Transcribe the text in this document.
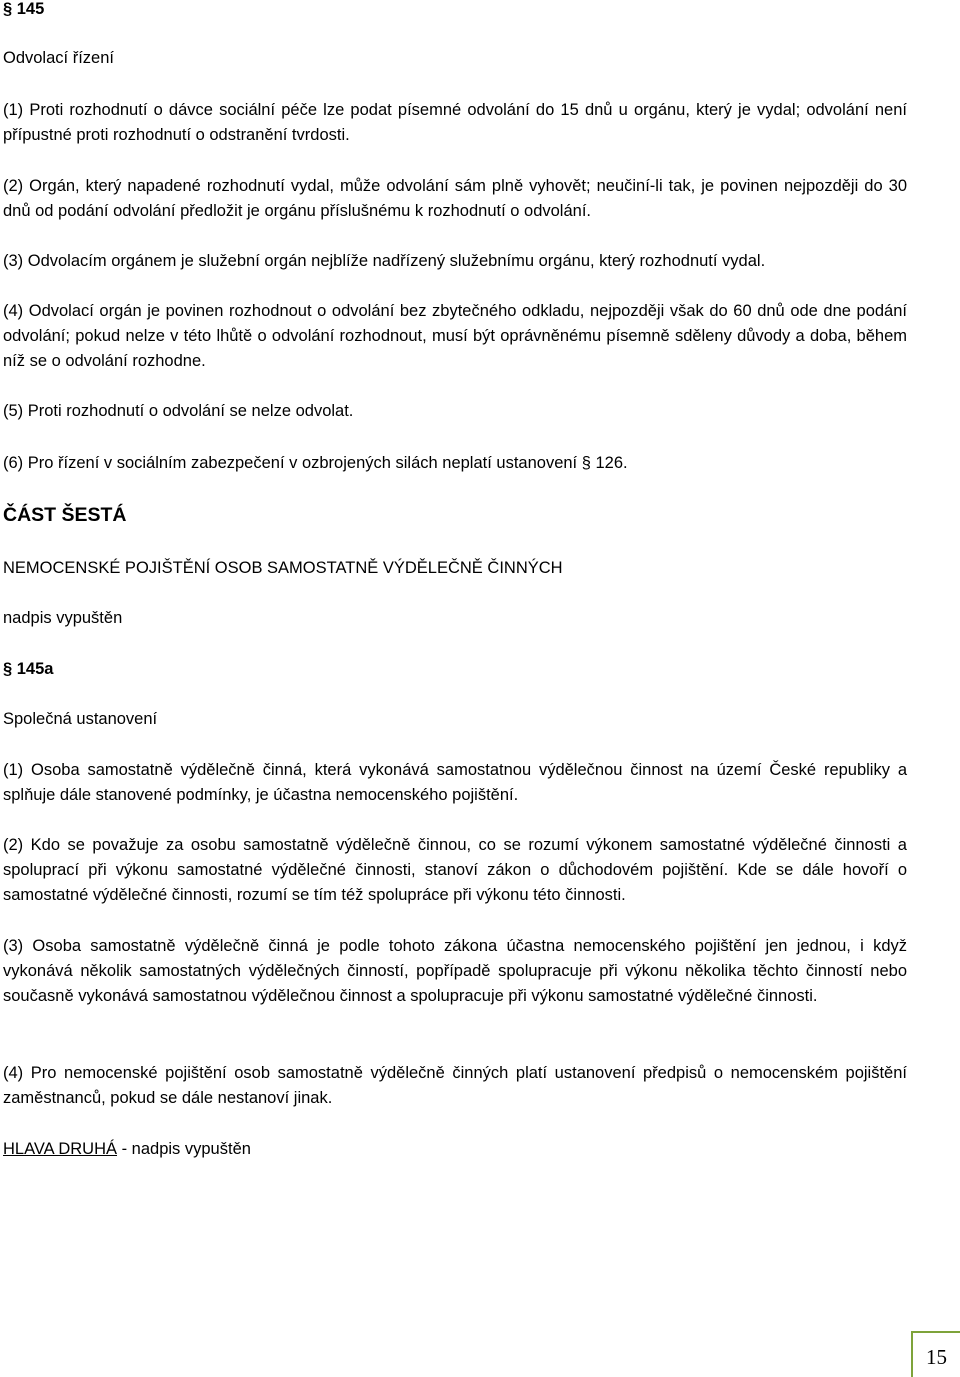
§ 145

Odvolací řízení

(1) Proti rozhodnutí o dávce sociální péče lze podat písemné odvolání do 15 dnů u orgánu, který je vydal; odvolání není přípustné proti rozhodnutí o odstranění tvrdosti.

(2) Orgán, který napadené rozhodnutí vydal, může odvolání sám plně vyhovět; neučiní-li tak, je povinen nejpozději do 30 dnů od podání odvolání předložit je orgánu příslušnému k rozhodnutí o odvolání.

(3) Odvolacím orgánem je služební orgán nejblíže nadřízený služebnímu orgánu, který rozhodnutí vydal.

(4) Odvolací orgán je povinen rozhodnout o odvolání bez zbytečného odkladu, nejpozději však do 60 dnů ode dne podání odvolání; pokud nelze v této lhůtě o odvolání rozhodnout, musí být oprávněnému písemně sděleny důvody a doba, během níž se o odvolání rozhodne.

(5) Proti rozhodnutí o odvolání se nelze odvolat.

(6) Pro řízení v sociálním zabezpečení v ozbrojených silách neplatí ustanovení § 126.

ČÁST ŠESTÁ

NEMOCENSKÉ POJIŠTĚNÍ OSOB SAMOSTATNĚ VÝDĚLEČNĚ ČINNÝCH

nadpis vypuštěn

§ 145a

Společná ustanovení

(1) Osoba samostatně výdělečně činná, která vykonává samostatnou výdělečnou činnost na území České republiky a splňuje dále stanovené podmínky, je účastna nemocenského pojištění.

(2) Kdo se považuje za osobu samostatně výdělečně činnou, co se rozumí výkonem samostatné výdělečné činnosti a spoluprací při výkonu samostatné výdělečné činnosti, stanoví zákon o důchodovém pojištění. Kde se dále hovoří o samostatné výdělečné činnosti, rozumí se tím též spolupráce při výkonu této činnosti.

(3) Osoba samostatně výdělečně činná je podle tohoto zákona účastna nemocenského pojištění jen jednou, i když vykonává několik samostatných výdělečných činností, popřípadě spolupracuje při výkonu několika těchto činností nebo současně vykonává samostatnou výdělečnou činnost a spolupracuje při výkonu samostatné výdělečné činnosti.

(4) Pro nemocenské pojištění osob samostatně výdělečně činných platí ustanovení předpisů o nemocenském pojištění zaměstnanců, pokud se dále nestanoví jinak.

HLAVA DRUHÁ - nadpis vypuštěn

15
